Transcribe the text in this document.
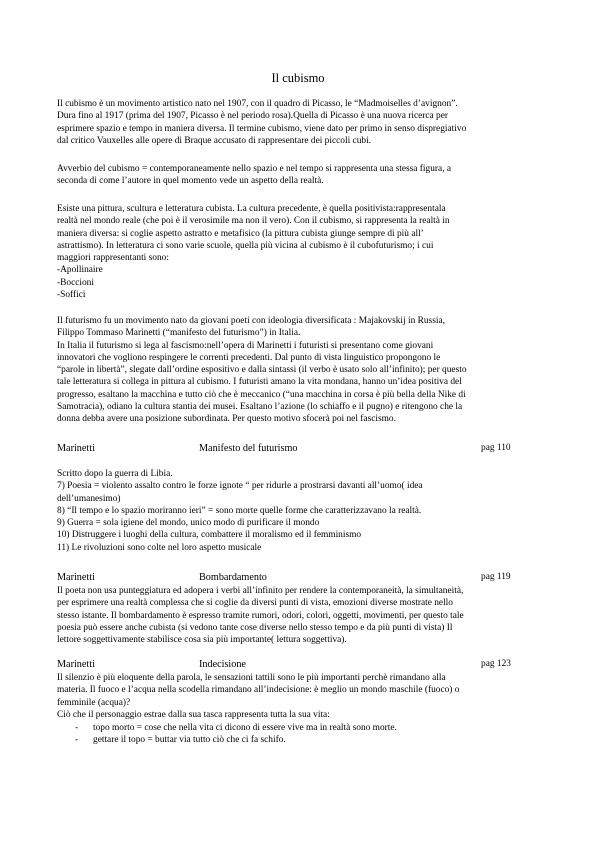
Il cubismo

Il cubismo è un movimento artistico nato nel 1907, con il quadro di Picasso, le “Madmoiselles d’avignon”.
Dura fino al 1917 (prima del 1907, Picasso è nel periodo rosa).Quella di Picasso è una nuova ricerca per
esprimere spazio e tempo in maniera diversa. Il termine cubismo, viene dato per primo in senso dispregiativo
dal critico Vauxelles alle opere di Braque accusato di rappresentare dei piccoli cubi.

Avverbio del cubismo = contemporaneamente nello spazio e nel tempo si rappresenta una stessa figura, a
seconda di come l’autore in quel momento vede un aspetto della realtà.

Esiste una pittura, scultura e letteratura cubista. La cultura precedente, è quella positivista:rappresentala
realtà nel mondo reale (che poi è il verosimile ma non il vero). Con il cubismo, si rappresenta la realtà in
maniera diversa: si coglie aspetto astratto e metafisico (la pittura cubista giunge sempre di più all’
astrattismo). In letteratura ci sono varie scuole, quella più vicina al cubismo è il cubofuturismo; i cui
maggiori rappresentanti sono:
-Apollinaire
-Boccioni
-Soffici

Il futurismo fu un movimento nato da giovani poeti con ideologia diversificata : Majakovskij in Russia,
Filippo Tommaso Marinetti (“manifesto del futurismo”) in Italia.
In Italia il futurismo si lega al fascismo:nell’opera di Marinetti i futuristi si presentano come giovani
innovatori che vogliono respingere le correnti precedenti. Dal punto di vista linguistico propongono le
“parole in libertà”, slegate dall’ordine espositivo e dalla sintassi (il verbo è usato solo all’infinito); per questo
tale letteratura si collega in pittura al cubismo. I futuristi amano la vita mondana, hanno un’idea positiva del
progresso, esaltano la macchina e tutto ciò che è meccanico (“una macchina in corsa è più bella della Nike di
Samotracia), odiano la cultura stantia dei musei. Esaltano l’azione (lo schiaffo e il pugno) e ritengono che la
donna debba avere una posizione subordinata. Per questo motivo sfocerà poi nel fascismo.

Marinetti	Manifesto del futurismo	pag 110

Scritto dopo la guerra di Libia.
7) Poesia = violento assalto contro le forze ignote “ per ridurle a prostrarsi davanti all’uomo( idea
dell’umanesimo)
8) “Il tempo e lo spazio moriranno ieri” = sono morte quelle forme che caratterizzavano la realtà.
9) Guerra = sola igiene del mondo, unico modo di purificare il mondo
10) Distruggere i luoghi della cultura, combattere il moralismo ed il femminismo
11) Le rivoluzioni sono colte nel loro aspetto musicale

Marinetti	Bombardamento	pag 119

Il poeta non usa punteggiatura ed adopera i verbi all’infinito per rendere la contemporaneità, la simultaneità,
per esprimere una realtà complessa che si coglie da diversi punti di vista, emozioni diverse mostrate nello
stesso istante. Il bombardamento è espresso tramite rumori, odori, colori, oggetti, movimenti, per questo tale
poesia può essere anche cubista (si vedono tante cose diverse nello stesso tempo e da più punti di vista) Il
lettore soggettivamente stabilisce cosa sia più importante( lettura soggettiva).

Marinetti	Indecisione	pag 123

Il silenzio è più eloquente della parola, le sensazioni tattili sono le più importanti perchè rimandano alla
materia. Il fuoco e l’acqua nella scodella rimandano all’indecisione: è meglio un mondo maschile (fuoco) o
femminile (acqua)?
Ciò che il personaggio estrae dalla sua tasca rappresenta tutta la sua vita:

- topo morto = cose che nella vita ci dicono di essere vive ma in realtà sono morte.
- gettare il topo = buttar via tutto ciò che ci fa schifo.
